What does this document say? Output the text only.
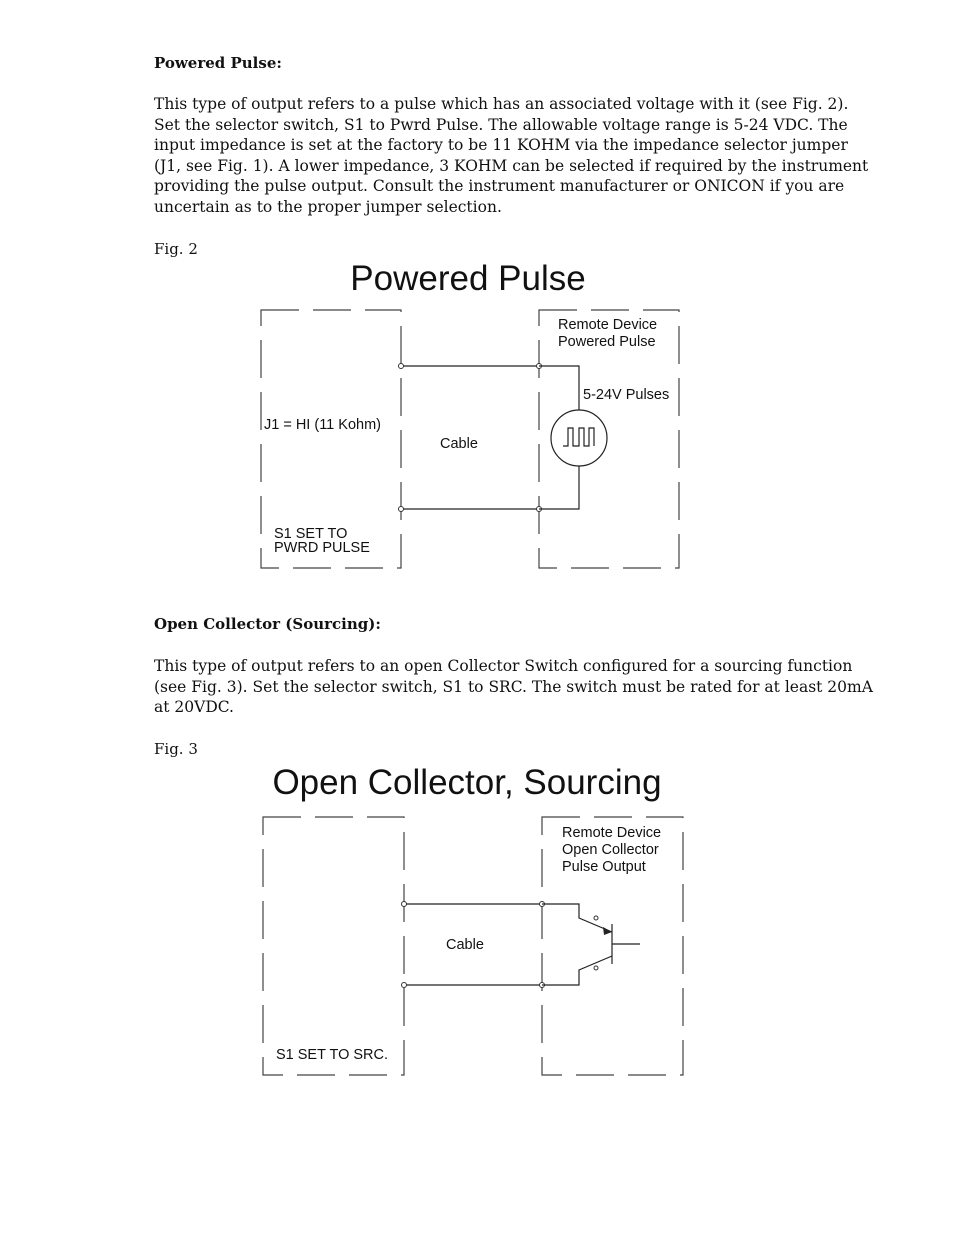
Powered Pulse:

This type of output refers to a pulse which has an associated voltage with it (see Fig. 2).
Set the selector switch, S1 to Pwrd Pulse. The allowable voltage range is 5-24 VDC. The
input impedance is set at the factory to be 11 KOHM via the impedance selector jumper
(J1, see Fig. 1). A lower impedance, 3 KOHM can be selected if required by the instrument
providing the pulse output. Consult the instrument manufacturer or ONICON if you are
uncertain as to the proper jumper selection.

Fig. 2

Powered Pulse
Remote Device
Powered Pulse
5-24V Pulses
J1 = HI (11 Kohm)
Cable
S1 SET TO
PWRD PULSE

Open Collector (Sourcing):

This type of output refers to an open Collector Switch configured for a sourcing function
(see Fig. 3). Set the selector switch, S1 to SRC. The switch must be rated for at least 20mA
at 20VDC.

Fig. 3

Open Collector, Sourcing
Remote Device
Open Collector
Pulse Output
Cable
S1 SET TO SRC.
